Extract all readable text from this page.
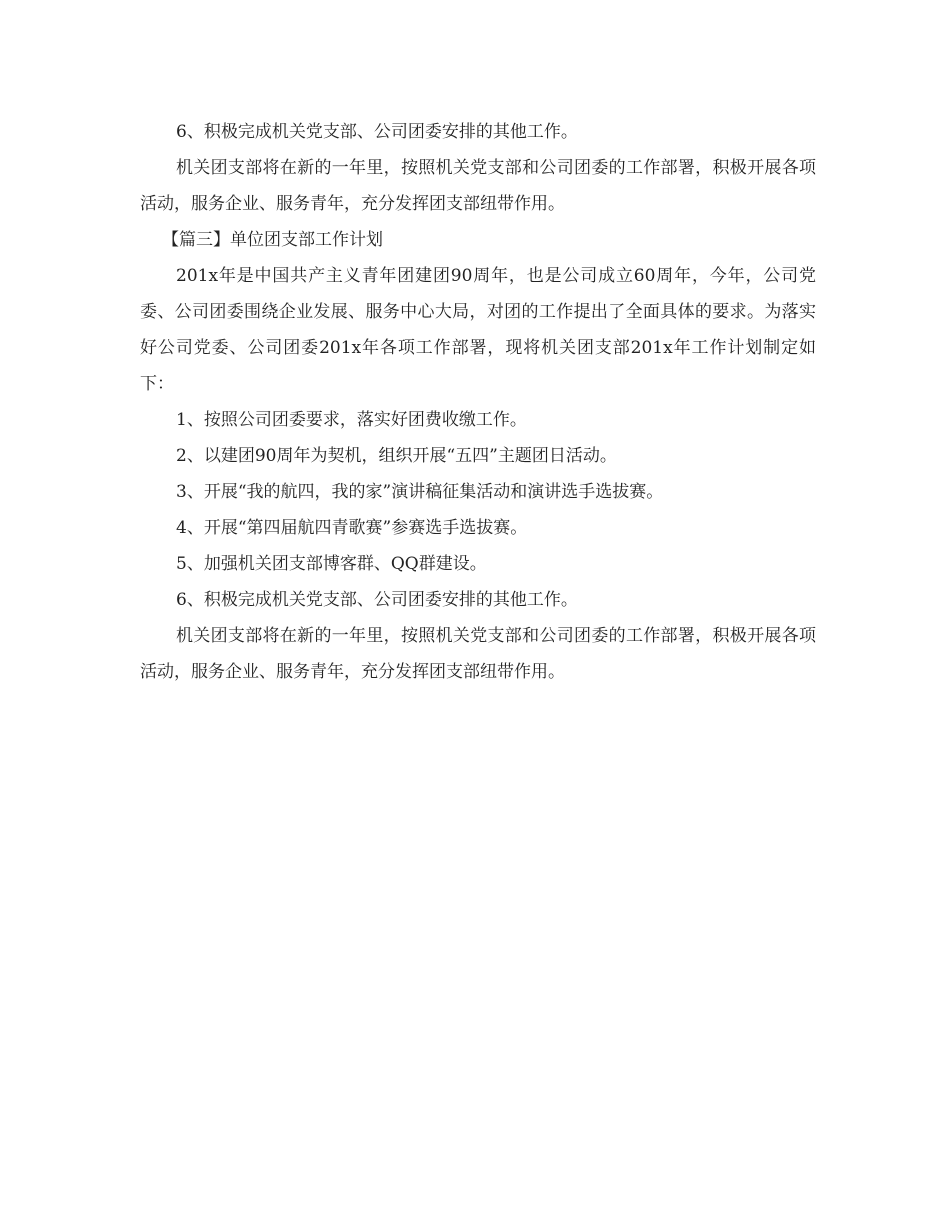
6、积极完成机关党支部、公司团委安排的其他工作。

机关团支部将在新的一年里，按照机关党支部和公司团委的工作部署，积极开展各项活动，服务企业、服务青年，充分发挥团支部纽带作用。

【篇三】单位团支部工作计划

201x年是中国共产主义青年团建团90周年，也是公司成立60周年，今年，公司党委、公司团委围绕企业发展、服务中心大局，对团的工作提出了全面具体的要求。为落实好公司党委、公司团委201x年各项工作部署，现将机关团支部201x年工作计划制定如下：

1、按照公司团委要求，落实好团费收缴工作。

2、以建团90周年为契机，组织开展“五四”主题团日活动。

3、开展“我的航四，我的家”演讲稿征集活动和演讲选手选拔赛。

4、开展“第四届航四青歌赛”参赛选手选拔赛。

5、加强机关团支部博客群、QQ群建设。

6、积极完成机关党支部、公司团委安排的其他工作。

机关团支部将在新的一年里，按照机关党支部和公司团委的工作部署，积极开展各项活动，服务企业、服务青年，充分发挥团支部纽带作用。
